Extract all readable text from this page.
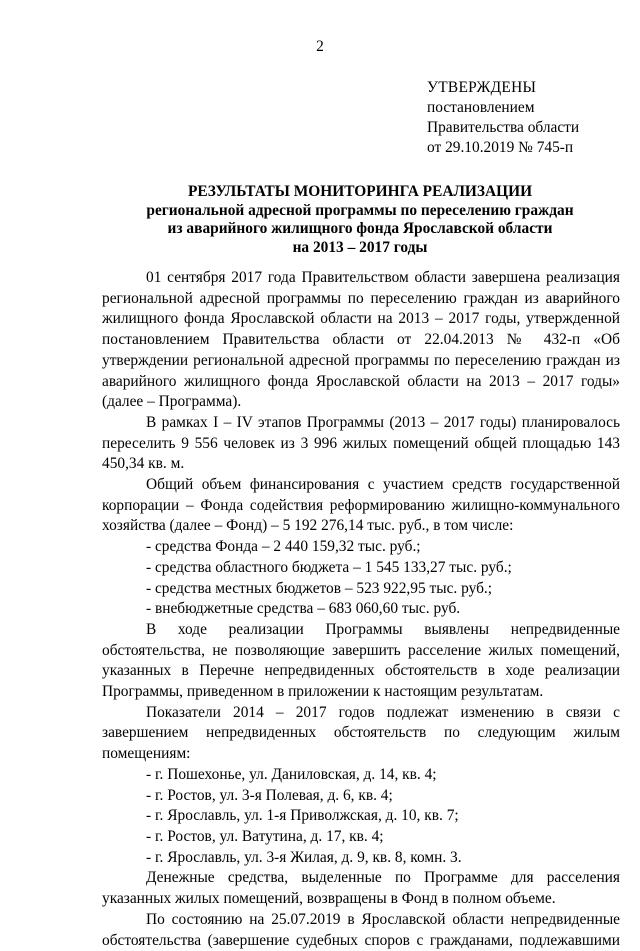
2
УТВЕРЖДЕНЫ
постановлением
Правительства области
от 29.10.2019 № 745-п
РЕЗУЛЬТАТЫ МОНИТОРИНГА РЕАЛИЗАЦИИ
региональной адресной программы по переселению граждан
из аварийного жилищного фонда Ярославской области
на 2013 – 2017 годы

01 сентября 2017 года Правительством области завершена реализация региональной адресной программы по переселению граждан из аварийного жилищного фонда Ярославской области на 2013 – 2017 годы, утвержденной постановлением Правительства области от 22.04.2013 № 432-п «Об утверждении региональной адресной программы по переселению граждан из аварийного жилищного фонда Ярославской области на 2013 – 2017 годы» (далее – Программа).

В рамках I – IV этапов Программы (2013 – 2017 годы) планировалось переселить 9 556 человек из 3 996 жилых помещений общей площадью 143 450,34 кв. м.

Общий объем финансирования с участием средств государственной корпорации – Фонда содействия реформированию жилищно-коммунального хозяйства (далее – Фонд) – 5 192 276,14 тыс. руб., в том числе:

- средства Фонда – 2 440 159,32 тыс. руб.;

- средства областного бюджета – 1 545 133,27 тыс. руб.;

- средства местных бюджетов – 523 922,95 тыс. руб.;

- внебюджетные средства – 683 060,60 тыс. руб.

В ходе реализации Программы выявлены непредвиденные обстоятельства, не позволяющие завершить расселение жилых помещений, указанных в Перечне непредвиденных обстоятельств в ходе реализации Программы, приведенном в приложении к настоящим результатам.

Показатели 2014 – 2017 годов подлежат изменению в связи с завершением непредвиденных обстоятельств по следующим жилым помещениям:

- г. Пошехонье, ул. Даниловская, д. 14, кв. 4;

- г. Ростов, ул. 3-я Полевая, д. 6, кв. 4;

- г. Ярославль, ул. 1-я Приволжская, д. 10, кв. 7;

- г. Ростов, ул. Ватутина, д. 17, кв. 4;

- г. Ярославль, ул. 3-я Жилая, д. 9, кв. 8, комн. 3.

Денежные средства, выделенные по Программе для расселения указанных жилых помещений, возвращены в Фонд в полном объеме.

По состоянию на 25.07.2019 в Ярославской области непредвиденные обстоятельства (завершение судебных споров с гражданами, подлежавшими
